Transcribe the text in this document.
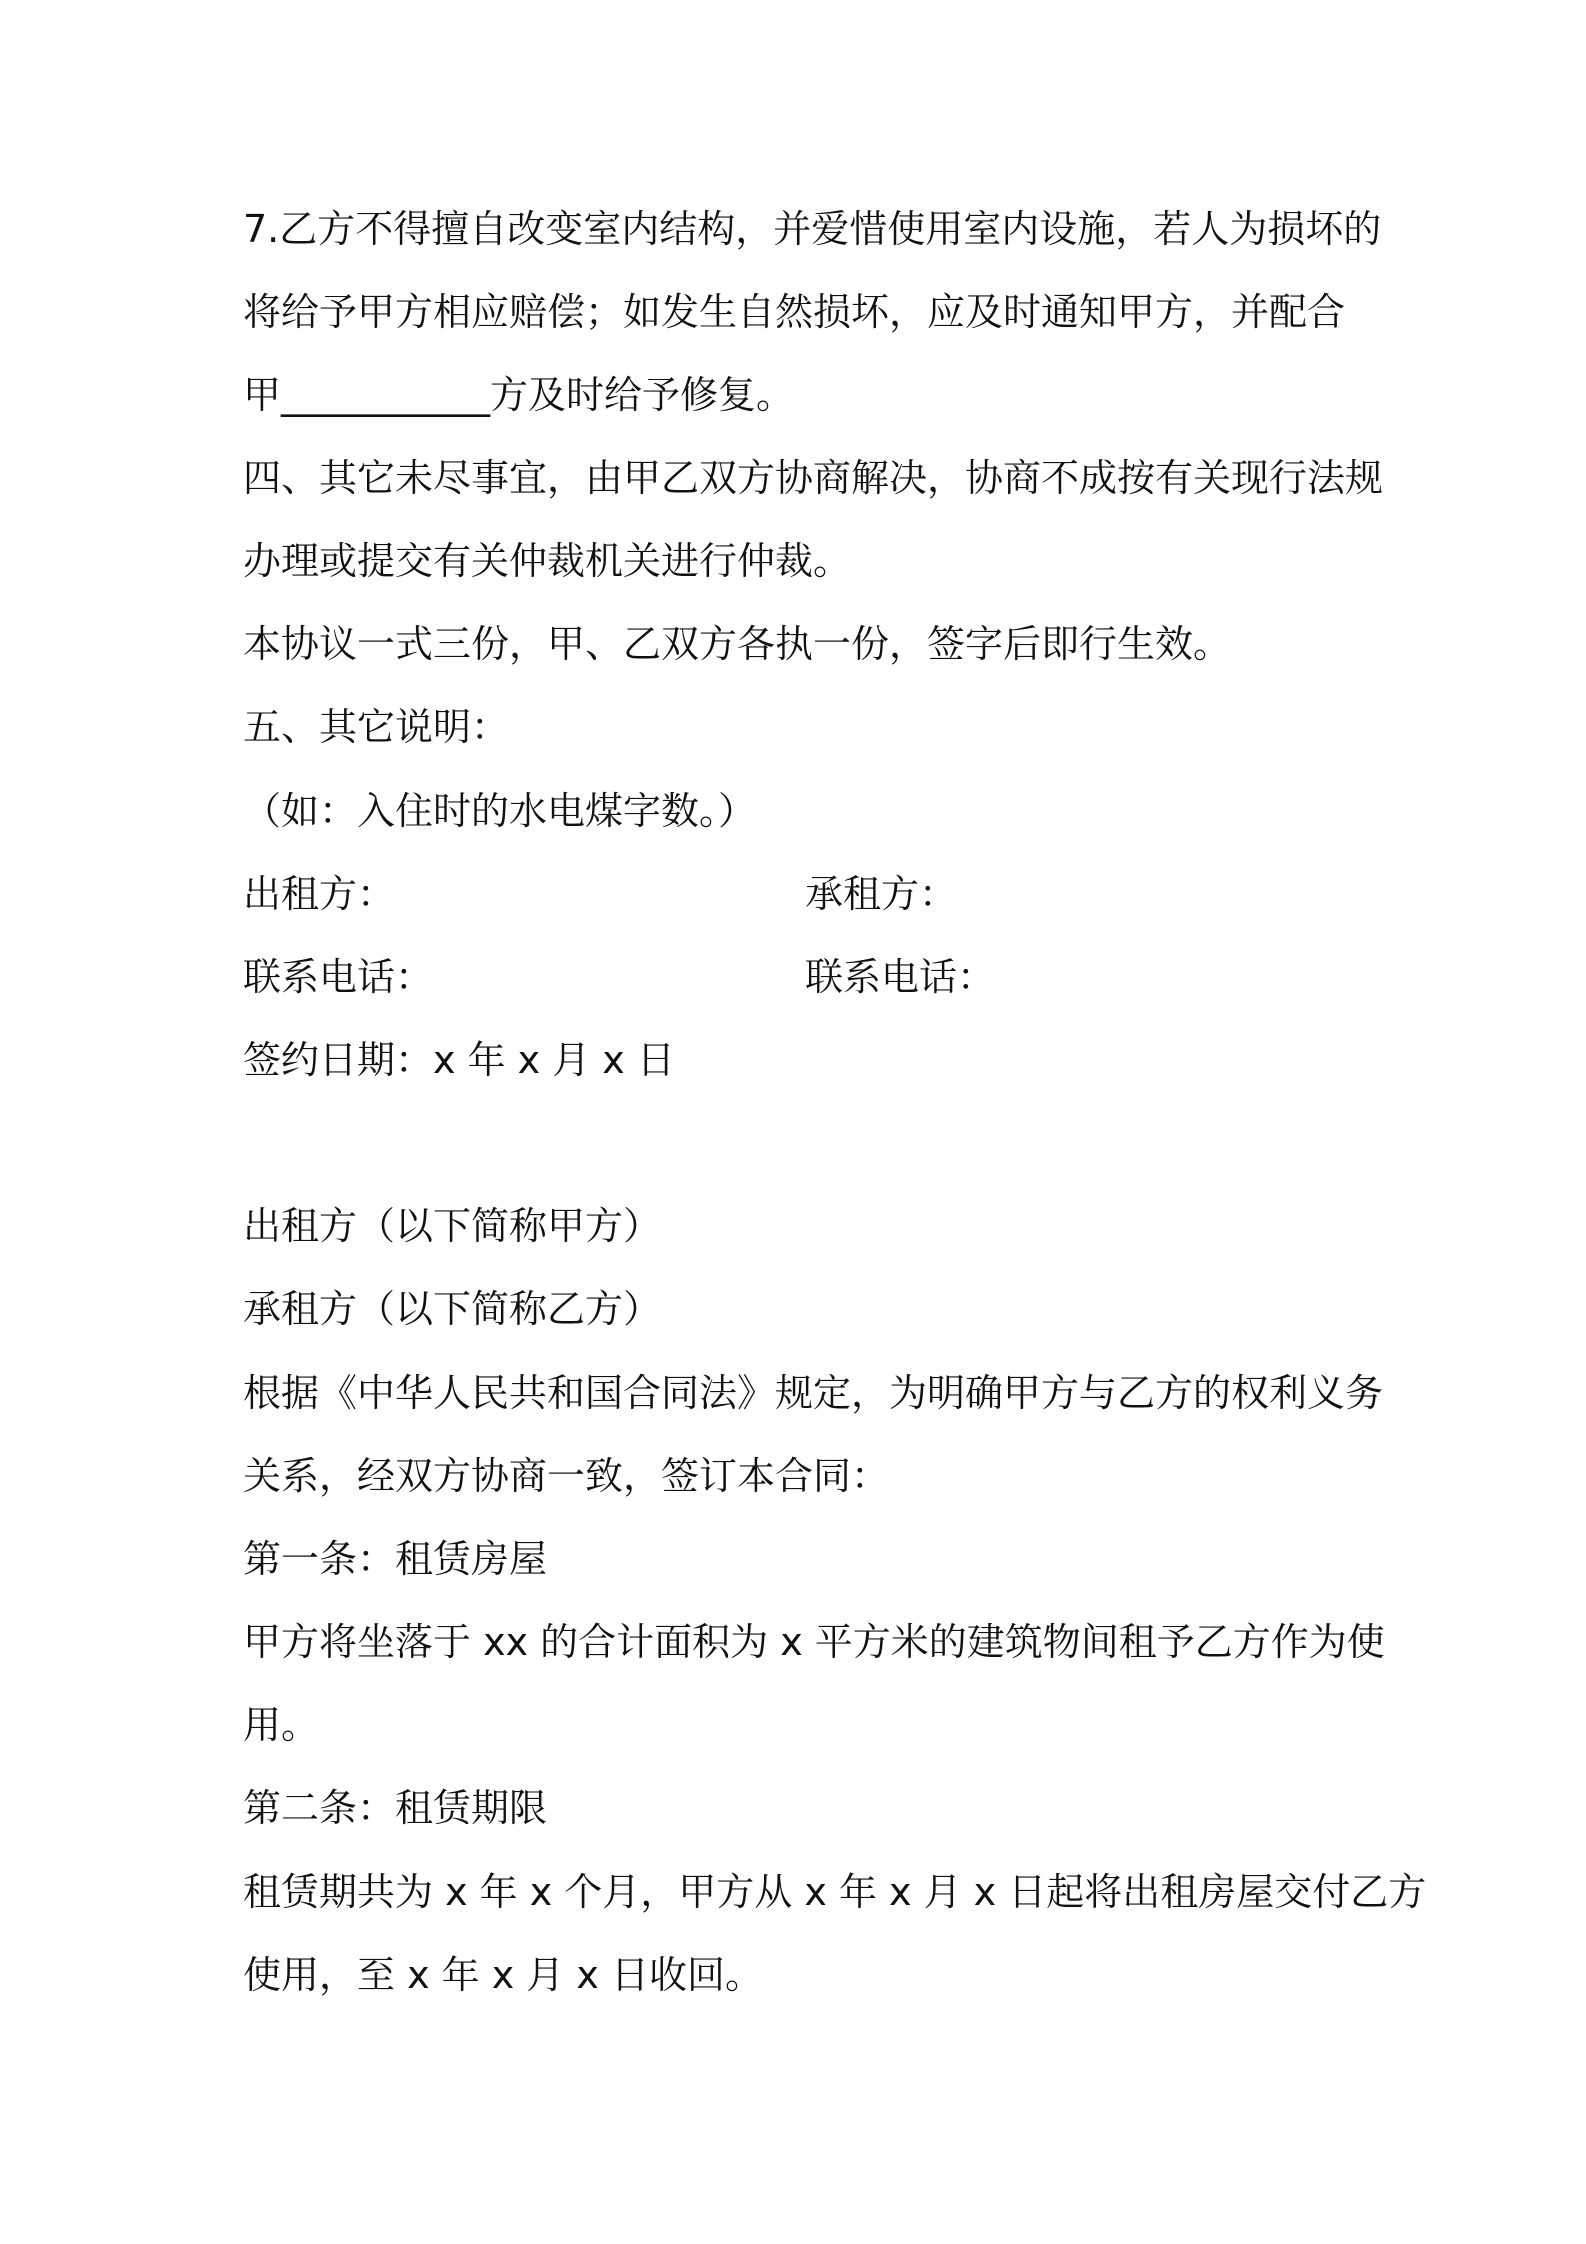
7.乙方不得擅自改变室内结构，并爱惜使用室内设施，若人为损坏的
将给予甲方相应赔偿；如发生自然损坏，应及时通知甲方，并配合
甲___________方及时给予修复。
四、其它未尽事宜，由甲乙双方协商解决，协商不成按有关现行法规
办理或提交有关仲裁机关进行仲裁。
本协议一式三份，甲、乙双方各执一份，签字后即行生效。
五、其它说明：
（如：入住时的水电煤字数。）
出租方：	承租方：
联系电话：	联系电话：
签约日期：x 年 x 月 x 日
出租方（以下简称甲方）
承租方（以下简称乙方）
根据《中华人民共和国合同法》规定，为明确甲方与乙方的权利义务
关系，经双方协商一致，签订本合同：
第一条：租赁房屋
甲方将坐落于 xx 的合计面积为 x 平方米的建筑物间租予乙方作为使
用。
第二条：租赁期限
租赁期共为 x 年 x 个月，甲方从 x 年 x 月 x 日起将出租房屋交付乙方
使用，至 x 年 x 月 x 日收回。
